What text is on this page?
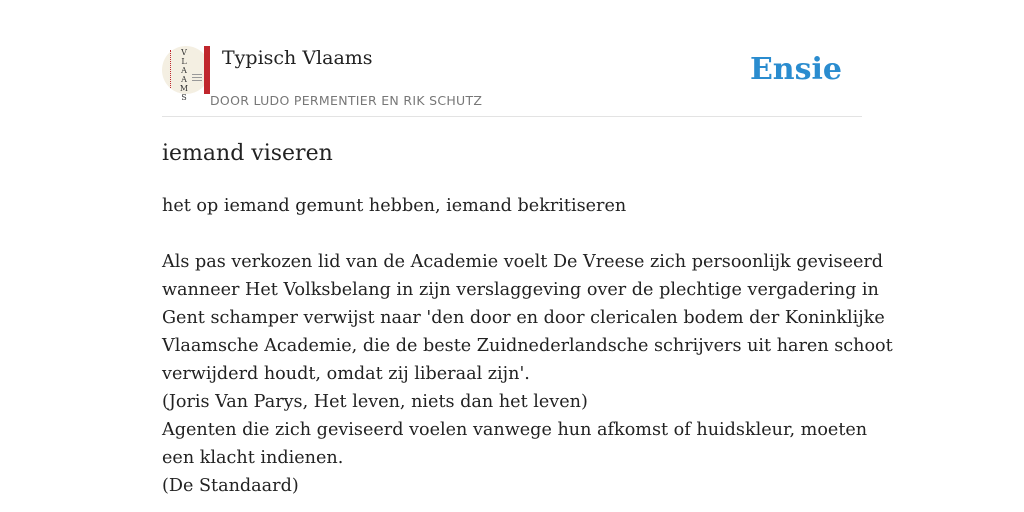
V
L
A
A
M
S
Typisch Vlaams
DOOR LUDO PERMENTIER EN RIK SCHUTZ
Ensie
iemand viseren

het op iemand gemunt hebben, iemand bekritiseren

Als pas verkozen lid van de Academie voelt De Vreese zich persoonlijk geviseerd

wanneer Het Volksbelang in zijn verslaggeving over de plechtige vergadering in

Gent schamper verwijst naar 'den door en door clericalen bodem der Koninklijke

Vlaamsche Academie, die de beste Zuidnederlandsche schrijvers uit haren schoot

verwijderd houdt, omdat zij liberaal zijn'.

(Joris Van Parys, Het leven, niets dan het leven)

Agenten die zich geviseerd voelen vanwege hun afkomst of huidskleur, moeten

een klacht indienen.

(De Standaard)
